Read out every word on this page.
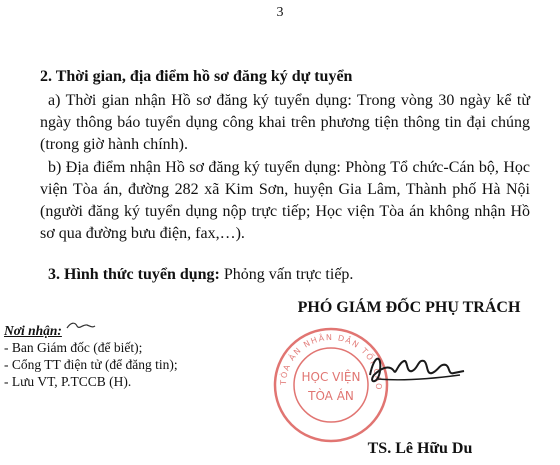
3
2. Thời gian, địa điểm hồ sơ đăng ký dự tuyển

a) Thời gian nhận Hồ sơ đăng ký tuyển dụng: Trong vòng 30 ngày kể từ ngày thông báo tuyển dụng công khai trên phương tiện thông tin đại chúng (trong giờ hành chính).

b) Địa điểm nhận Hồ sơ đăng ký tuyển dụng: Phòng Tổ chức-Cán bộ, Học viện Tòa án, đường 282 xã Kim Sơn, huyện Gia Lâm, Thành phố Hà Nội (người đăng ký tuyển dụng nộp trực tiếp; Học viện Tòa án không nhận Hồ sơ qua đường bưu điện, fax,…).

3. Hình thức tuyển dụng: Phỏng vấn trực tiếp.

PHÓ GIÁM ĐỐC PHỤ TRÁCH
Nơi nhận:
- Ban Giám đốc (để biết);
- Cổng TT điện tử (để đăng tin);
- Lưu VT, P.TCCB (H).	TÒA ÁN NHÂN DÂN TỐI CAO
HỌC VIỆN
TÒA ÁN
TS. Lê Hữu Du
